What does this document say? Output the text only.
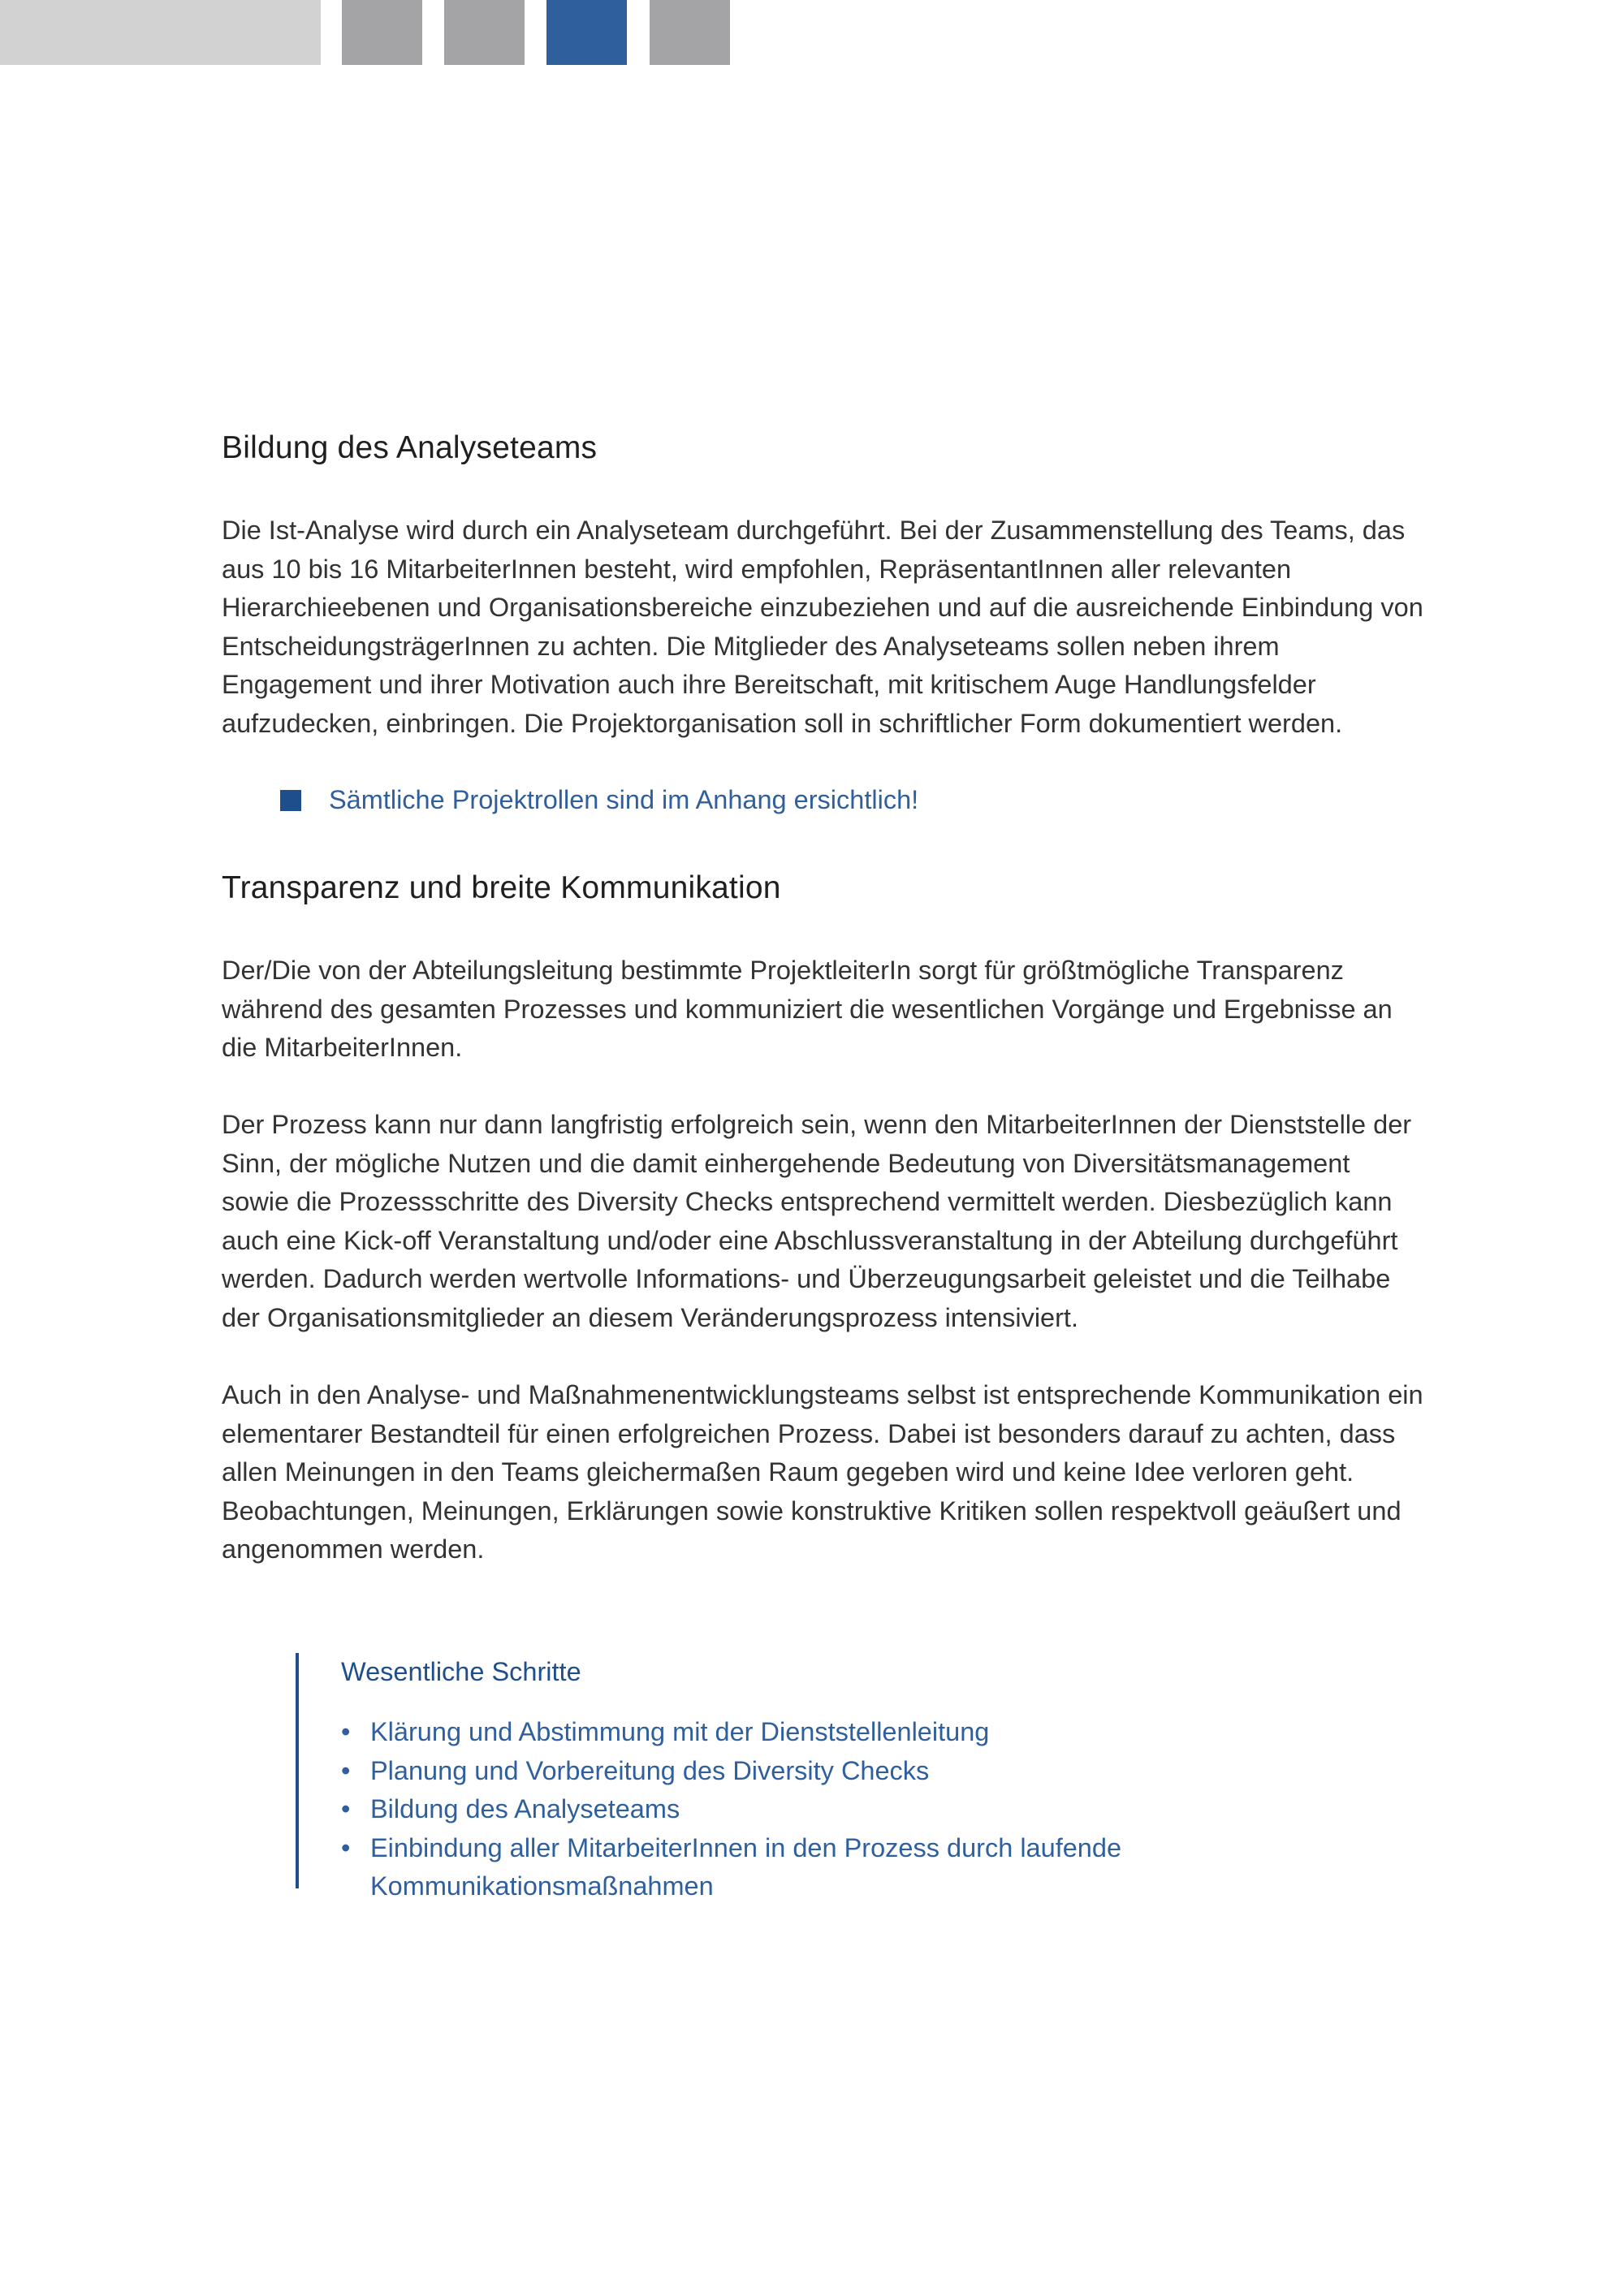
Bildung des Analyseteams

Die Ist-Analyse wird durch ein Analyseteam durchgeführt. Bei der Zusammenstellung des Teams, das aus 10 bis 16 MitarbeiterInnen besteht, wird empfohlen, RepräsentantInnen aller relevanten Hierarchieebenen und Organisationsbereiche einzubeziehen und auf die ausreichende Einbindung von EntscheidungsträgerInnen zu achten. Die Mitglieder des Analyseteams sollen neben ihrem Engagement und ihrer Motivation auch ihre Bereitschaft, mit kritischem Auge Handlungsfelder aufzudecken, einbringen. Die Projektorganisation soll in schriftlicher Form dokumentiert werden.

Sämtliche Projektrollen sind im Anhang ersichtlich!
Transparenz und breite Kommunikation

Der/Die von der Abteilungsleitung bestimmte ProjektleiterIn sorgt für größtmögliche Transparenz während des gesamten Prozesses und kommuniziert die wesentlichen Vorgänge und Ergebnisse an die MitarbeiterInnen.

Der Prozess kann nur dann langfristig erfolgreich sein, wenn den MitarbeiterInnen der Dienststelle der Sinn, der mögliche Nutzen und die damit einhergehende Bedeutung von Diversitätsmanagement sowie die Prozessschritte des Diversity Checks entsprechend vermittelt werden. Diesbezüglich kann auch eine Kick-off Veranstaltung und/oder eine Abschlussveranstaltung in der Abteilung durchgeführt werden. Dadurch werden wertvolle Informations- und Überzeugungsarbeit geleistet und die Teilhabe der Organisationsmitglieder an diesem Veränderungsprozess intensiviert.

Auch in den Analyse- und Maßnahmenentwicklungsteams selbst ist entsprechende Kommunikation ein elementarer Bestandteil für einen erfolgreichen Prozess. Dabei ist besonders darauf zu achten, dass allen Meinungen in den Teams gleichermaßen Raum gegeben wird und keine Idee verloren geht. Beobachtungen, Meinungen, Erklärungen sowie konstruktive Kritiken sollen respektvoll geäußert und angenommen werden.

Wesentliche Schritte
• Klärung und Abstimmung mit der Dienststellenleitung
• Planung und Vorbereitung des Diversity Checks
• Bildung des Analyseteams
• Einbindung aller MitarbeiterInnen in den Prozess durch laufende Kommunikationsmaßnahmen
